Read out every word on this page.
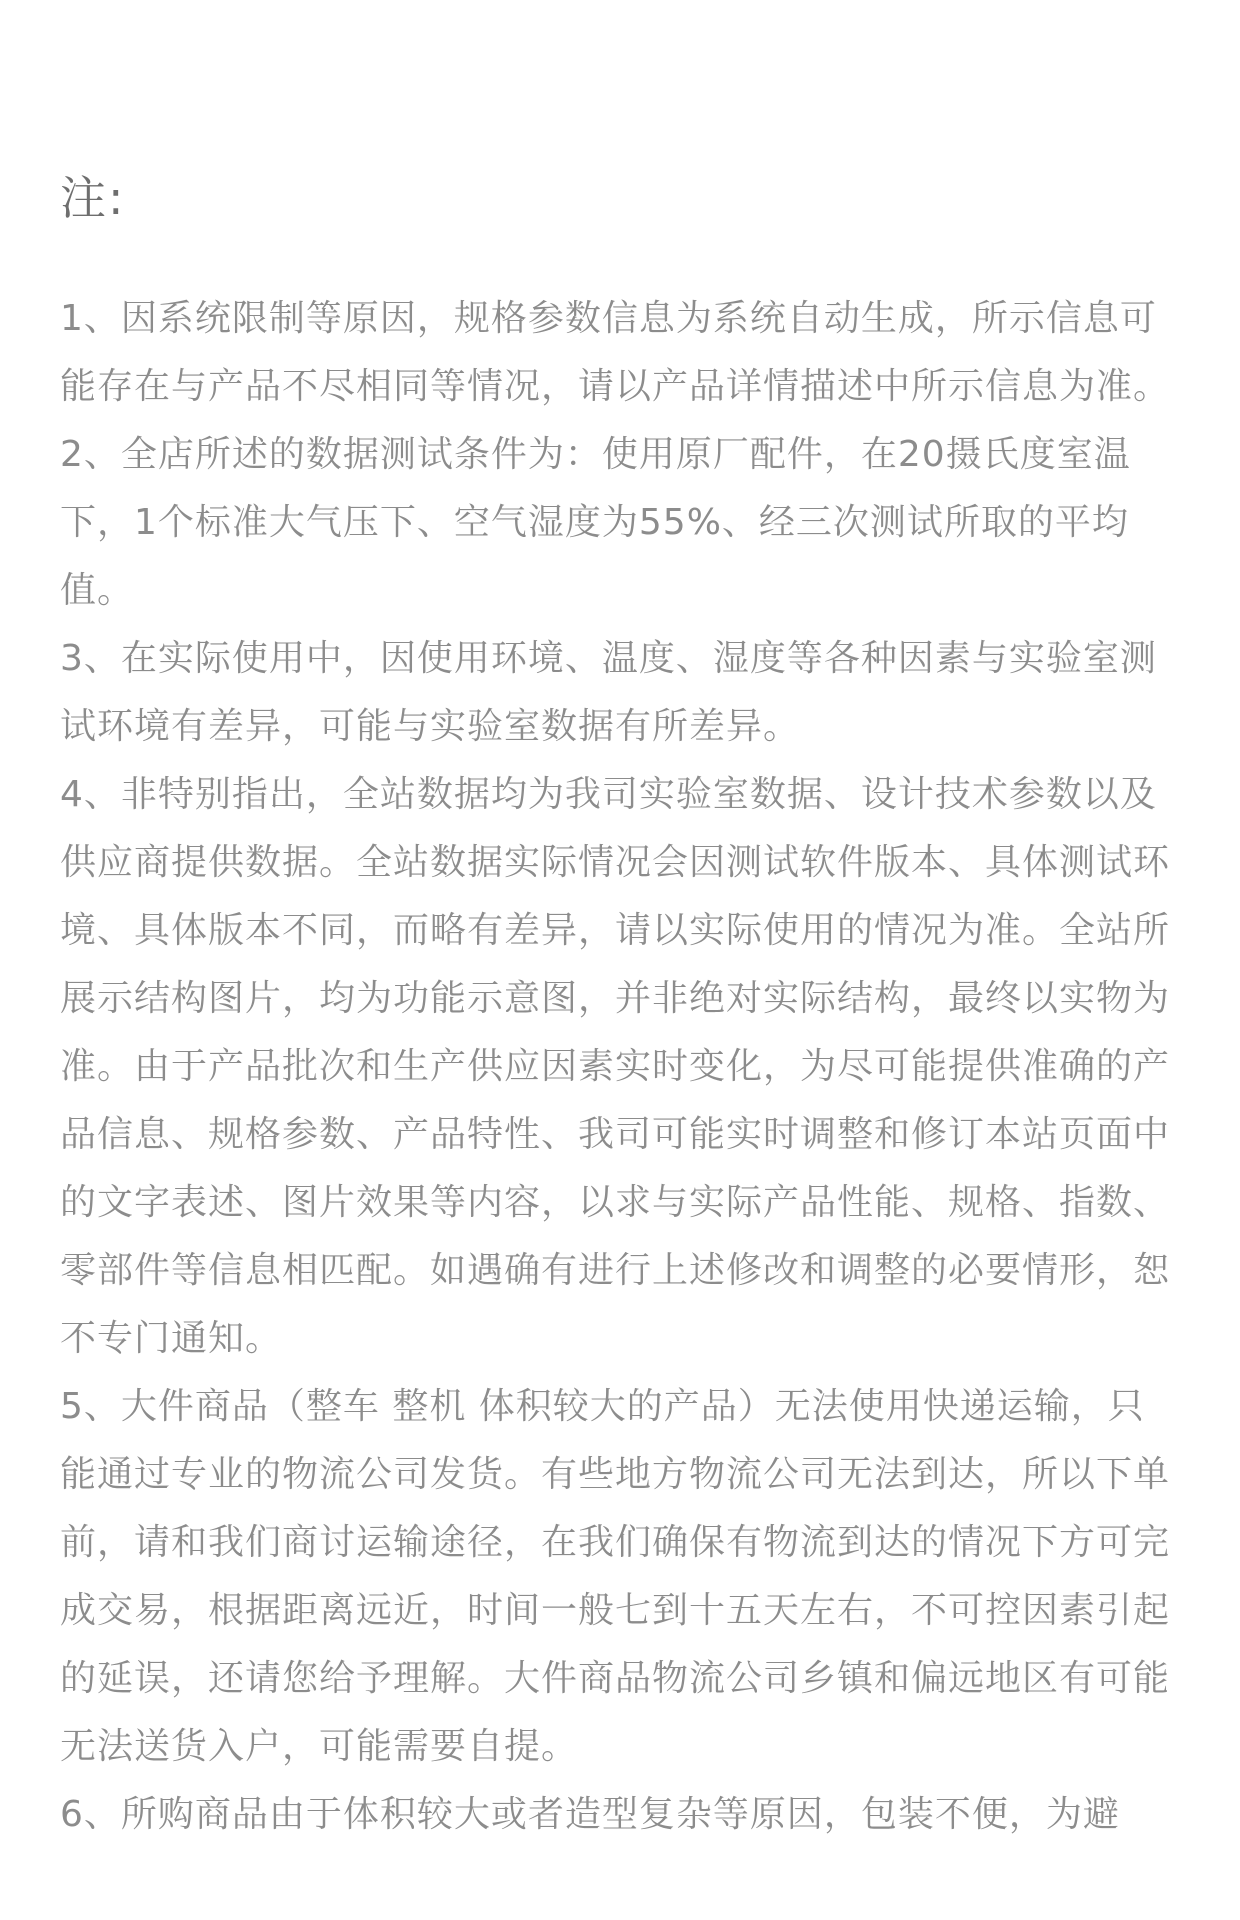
注:

1、因系统限制等原因，规格参数信息为系统自动生成，所示信息可能存在与产品不尽相同等情况，请以产品详情描述中所示信息为准。

2、全店所述的数据测试条件为：使用原厂配件，在20摄氏度室温下，1个标准大气压下、空气湿度为55%、经三次测试所取的平均值。

3、在实际使用中，因使用环境、温度、湿度等各种因素与实验室测试环境有差异，可能与实验室数据有所差异。

4、非特别指出，全站数据均为我司实验室数据、设计技术参数以及供应商提供数据。全站数据实际情况会因测试软件版本、具体测试环境、具体版本不同，而略有差异，请以实际使用的情况为准。全站所展示结构图片，均为功能示意图，并非绝对实际结构，最终以实物为准。由于产品批次和生产供应因素实时变化，为尽可能提供准确的产品信息、规格参数、产品特性、我司可能实时调整和修订本站页面中的文字表述、图片效果等内容，以求与实际产品性能、规格、指数、零部件等信息相匹配。如遇确有进行上述修改和调整的必要情形，恕不专门通知。

5、大件商品（整车 整机 体积较大的产品）无法使用快递运输，只能通过专业的物流公司发货。有些地方物流公司无法到达，所以下单前，请和我们商讨运输途径，在我们确保有物流到达的情况下方可完成交易，根据距离远近，时间一般七到十五天左右，不可控因素引起的延误，还请您给予理解。大件商品物流公司乡镇和偏远地区有可能无法送货入户，可能需要自提。

6、所购商品由于体积较大或者造型复杂等原因，包装不便，为避
